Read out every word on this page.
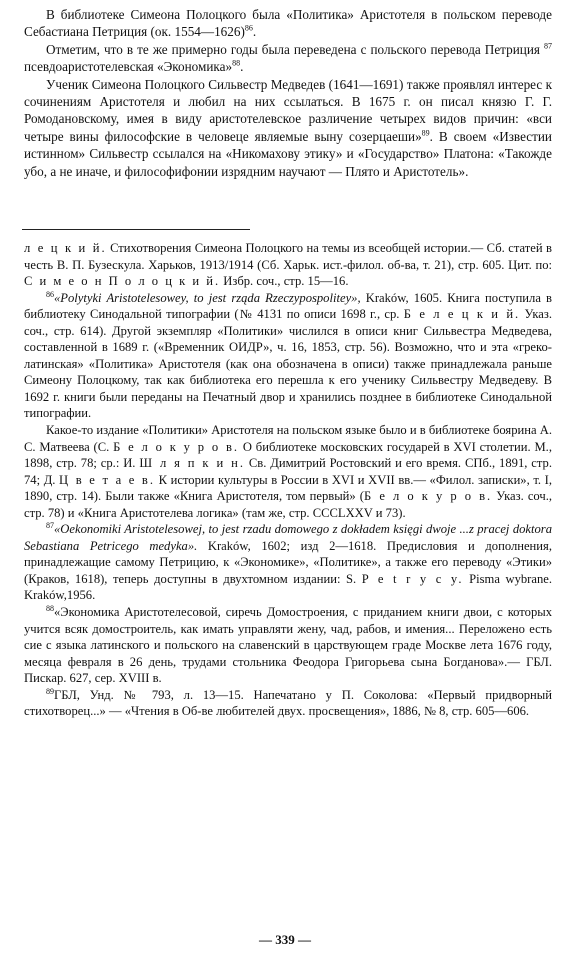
В библиотеке Симеона Полоцкого была «Политика» Аристотеля в польском переводе Себастиана Петриция (ок. 1554—1626)$^{86}$.

Отметим, что в те же примерно годы была переведена с польского перевода Петриция $^{87}$ псевдоаристотелевская «Экономика»$^{88}$.

Ученик Симеона Полоцкого Сильвестр Медведев (1641—1691) также проявлял интерес к сочинениям Аристотеля и любил на них ссылаться. В 1675 г. он писал князю Г. Г. Ромодановскому, имея в виду аристотелевское различение четырех видов причин: «вси четыре вины философские в человеце являемые выну созерцаеши»$^{89}$. В своем «Известии истинном» Сильвестр ссылался на «Никомахову этику» и «Государство» Платона: «Такожде убо, а не иначе, и философифонии изрядним научают — Плято и Аристотель».

л е ц к и й. Стихотворения Симеона Полоцкого на темы из всеобщей истории.— Сб. статей в честь В. П. Бузескула. Харьков, 1913/1914 (Сб. Харьк. ист.-филол. об-ва, т. 21), стр. 605. Цит. по: С и м е о н П о л о ц к и й. Избр. соч., стр. 15—16.

$^{86}$«Polytyki Aristotelesowey, to jest rząda Rzeczypospolitey», Kraków, 1605. Книга поступила в библиотеку Синодальной типографии (№ 4131 по описи 1698 г., ср. Б е л е ц к и й. Указ. соч., стр. 614). Другой экземпляр «Политики» числился в описи книг Сильвестра Медведева, составленной в 1689 г. («Временник ОИДР», ч. 16, 1853, стр. 56). Возможно, что и эта «греко-латинская» «Политика» Аристотеля (как она обозначена в описи) также принадлежала раньше Симеону Полоцкому, так как библиотека его перешла к его ученику Сильвестру Медведеву. В 1692 г. книги были переданы на Печатный двор и хранились позднее в библиотеке Синодальной типографии.

Какое-то издание «Политики» Аристотеля на польском языке было и в библиотеке боярина А. С. Матвеева (С. Б е л о к у р о в. О библиотеке московских государей в XVI столетии. М., 1898, стр. 78; ср.: И. Ш л я п к и н. Св. Димитрий Ростовский и его время. СПб., 1891, стр. 74; Д. Ц в е т а е в. К истории культуры в России в XVI и XVII вв.— «Филол. записки», т. I, 1890, стр. 14). Были также «Книга Аристотеля, том первый» (Б е л о к у р о в. Указ. соч., стр. 78) и «Книга Аристотелева логика» (там же, стр. CCCLXXV и 73).

$^{87}$«Oekonomiki Aristotelesowej, to jest rzadu domowego z dokładem księgi dwoje ...z pracej doktora Sebastiana Petricego medyka». Kraków, 1602; изд 2—1618. Предисловия и дополнения, принадлежащие самому Петрицию, к «Экономике», «Политике», а также его переводу «Этики» (Краков, 1618), теперь доступны в двухтомном издании: S. P e t r y c y. Pisma wybrane. Kraków,1956.

$^{88}$«Экономика Аристотелесовой, сиречь Домостроения, с приданием книги двои, с которых учится всяк домостроитель, как имать управляти жену, чад, рабов, и имения... Переложено есть сие с языка латинского и польского на славенский в царствующем граде Москве лета 1676 году, месяца февраля в 26 день, трудами стольника Феодора Григорьева сына Богданова».— ГБЛ. Пискар. 627, сер. XVIII в.

$^{89}$ГБЛ, Унд. № 793, л. 13—15. Напечатано у П. Соколова: «Первый придворный стихотворец...» — «Чтения в Об-ве любителей двух. просвещения», 1886, № 8, стр. 605—606.

— 339 —
